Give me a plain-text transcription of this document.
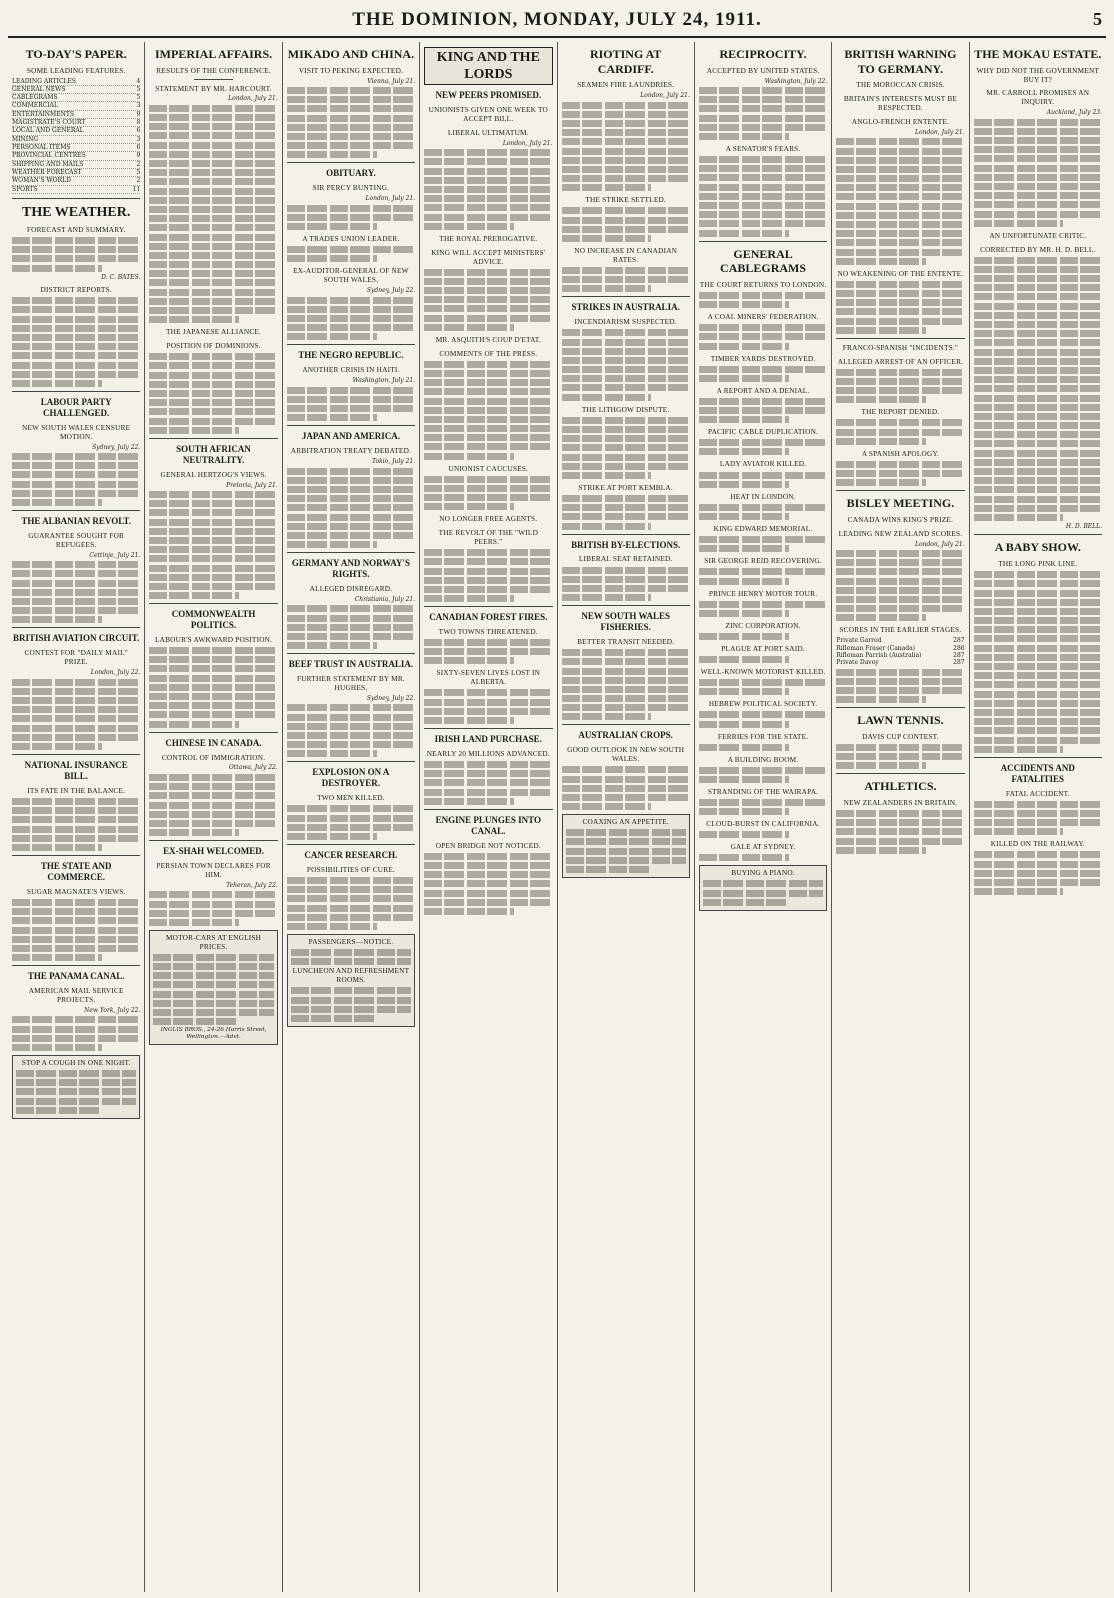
THE DOMINION, MONDAY, JULY 24, 1911.	5
TO-DAY'S PAPER.
SOME LEADING FEATURES.
LEADING ARTICLES	4
GENERAL NEWS	5
CABLEGRAMS	5
COMMERCIAL	3
ENTERTAINMENTS	9
MAGISTRATE'S COURT	8
LOCAL AND GENERAL	6
MINING	3
PERSONAL ITEMS	6
PROVINCIAL CENTRES	9
SHIPPING AND MAILS	2
WEATHER FORECAST	5
WOMAN'S WORLD	2
SPORTS	11
THE WEATHER.
FORECAST AND SUMMARY.
D. C. BATES.
DISTRICT REPORTS.
LABOUR PARTY CHALLENGED.
NEW SOUTH WALES CENSURE MOTION.
Sydney, July 22.
THE ALBANIAN REVOLT.
GUARANTEE SOUGHT FOR REFUGEES.
Cettinje, July 21.
BRITISH AVIATION CIRCUIT.
CONTEST FOR "DAILY MAIL" PRIZE.
London, July 22.
NATIONAL INSURANCE BILL.
ITS FATE IN THE BALANCE.
THE STATE AND COMMERCE.
SUGAR MAGNATE'S VIEWS.
THE PANAMA CANAL.
AMERICAN MAIL SERVICE PROJECTS.
New York, July 22.
STOP A COUGH IN ONE NIGHT.
IMPERIAL AFFAIRS.
RESULTS OF THE CONFERENCE.
STATEMENT BY MR. HARCOURT.
London, July 21.
THE JAPANESE ALLIANCE.
POSITION OF DOMINIONS.
SOUTH AFRICAN NEUTRALITY.
GENERAL HERTZOG'S VIEWS.
Pretoria, July 21.
COMMONWEALTH POLITICS.
LABOUR'S AWKWARD POSITION.
CHINESE IN CANADA.
CONTROL OF IMMIGRATION.
Ottawa, July 22.
EX-SHAH WELCOMED.
PERSIAN TOWN DECLARES FOR HIM.
Teheran, July 22.
MOTOR-CARS AT ENGLISH PRICES.
INGLIS BROS., 24-26 Harris Street, Wellington.—Advt.
MIKADO AND CHINA.
VISIT TO PEKING EXPECTED.
Vienna, July 21.
OBITUARY.
SIR PERCY BUNTING.
London, July 21.
A TRADES UNION LEADER.
EX-AUDITOR-GENERAL OF NEW SOUTH WALES.
Sydney, July 22.
THE NEGRO REPUBLIC.
ANOTHER CRISIS IN HAITI.
Washington, July 21.
JAPAN AND AMERICA.
ARBITRATION TREATY DEBATED.
Tokio, July 21.
GERMANY AND NORWAY'S RIGHTS.
ALLEGED DISREGARD.
Christiania, July 21.
BEEF TRUST IN AUSTRALIA.
FURTHER STATEMENT BY MR. HUGHES.
Sydney, July 22.
EXPLOSION ON A DESTROYER.
TWO MEN KILLED.
CANCER RESEARCH.
POSSIBILITIES OF CURE.
PASSENGERS—NOTICE.
LUNCHEON AND REFRESHMENT ROOMS.
KING AND THE LORDS
NEW PEERS PROMISED.
UNIONISTS GIVEN ONE WEEK TO ACCEPT BILL.
LIBERAL ULTIMATUM.
London, July 21.
THE ROYAL PREROGATIVE.
KING WILL ACCEPT MINISTERS' ADVICE.
MR. ASQUITH'S COUP D'ETAT.
COMMENTS OF THE PRESS.
UNIONIST CAUCUSES.
NO LONGER FREE AGENTS.
THE REVOLT OF THE "WILD PEERS."
CANADIAN FOREST FIRES.
TWO TOWNS THREATENED.
SIXTY-SEVEN LIVES LOST IN ALBERTA.
IRISH LAND PURCHASE.
NEARLY 20 MILLIONS ADVANCED.
ENGINE PLUNGES INTO CANAL.
OPEN BRIDGE NOT NOTICED.
RIOTING AT CARDIFF.
SEAMEN FIRE LAUNDRIES.
London, July 21.
THE STRIKE SETTLED.
NO INCREASE IN CANADIAN RATES.
STRIKES IN AUSTRALIA.
INCENDIARISM SUSPECTED.
THE LITHGOW DISPUTE.
STRIKE AT PORT KEMBLA.
BRITISH BY-ELECTIONS.
LIBERAL SEAT RETAINED.
NEW SOUTH WALES FISHERIES.
BETTER TRANSIT NEEDED.
AUSTRALIAN CROPS.
GOOD OUTLOOK IN NEW SOUTH WALES.
COAXING AN APPETITE.
RECIPROCITY.
ACCEPTED BY UNITED STATES.
Washington, July 22.
A SENATOR'S FEARS.
GENERAL CABLEGRAMS
THE COURT RETURNS TO LONDON.
A COAL MINERS' FEDERATION.
TIMBER YARDS DESTROYED.
A REPORT AND A DENIAL.
PACIFIC CABLE DUPLICATION.
LADY AVIATOR KILLED.
HEAT IN LONDON.
KING EDWARD MEMORIAL.
SIR GEORGE REID RECOVERING.
PRINCE HENRY MOTOR TOUR.
ZINC CORPORATION.
PLAGUE AT PORT SAID.
WELL-KNOWN MOTORIST KILLED.
HEBREW POLITICAL SOCIETY.
FERRIES FOR THE STATE.
A BUILDING BOOM.
STRANDING OF THE WAIRAPA.
CLOUD-BURST IN CALIFORNIA.
GALE AT SYDNEY.
BUYING A PIANO.
BRITISH WARNING TO GERMANY.
THE MOROCCAN CRISIS.
BRITAIN'S INTERESTS MUST BE RESPECTED.
ANGLO-FRENCH ENTENTE.
London, July 21.
NO WEAKENING OF THE ENTENTE.
FRANCO-SPANISH "INCIDENTS."
ALLEGED ARREST OF AN OFFICER.
THE REPORT DENIED.
A SPANISH APOLOGY.
BISLEY MEETING.
CANADA WINS KING'S PRIZE.
LEADING NEW ZEALAND SCORES.
London, July 21.
SCORES IN THE EARLIER STAGES.
Private Garrod	287
Rifleman Fraser (Canada)	286
Rifleman Parrish (Australia)	287
Private Davey	287
LAWN TENNIS.
DAVIS CUP CONTEST.
ATHLETICS.
NEW ZEALANDERS IN BRITAIN.
THE MOKAU ESTATE.
WHY DID NOT THE GOVERNMENT BUY IT?
MR. CARROLL PROMISES AN INQUIRY.
Auckland, July 23.
AN UNFORTUNATE CRITIC.
CORRECTED BY MR. H. D. BELL.
H. D. BELL.
A BABY SHOW.
THE LONG PINK LINE.
ACCIDENTS AND FATALITIES
FATAL ACCIDENT.
KILLED ON THE RAILWAY.
